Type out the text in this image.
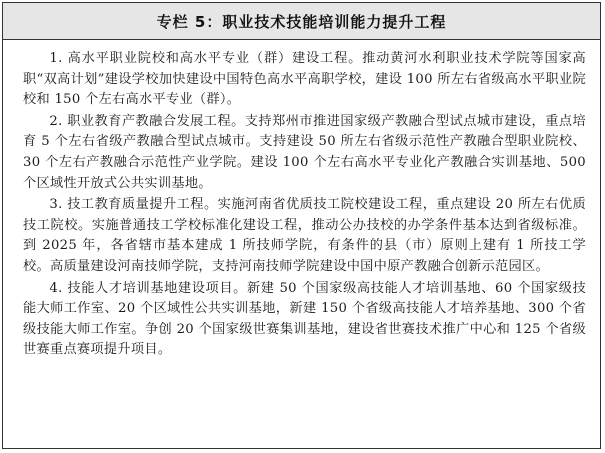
专栏 5：职业技术技能培训能力提升工程

1. 高水平职业院校和高水平专业（群）建设工程。推动黄河水利职业技术学院等国家高职“双高计划”建设学校加快建设中国特色高水平高职学校，建设 100 所左右省级高水平职业院校和 150 个左右高水平专业（群）。

2. 职业教育产教融合发展工程。支持郑州市推进国家级产教融合型试点城市建设，重点培育 5 个左右省级产教融合型试点城市。支持建设 50 所左右省级示范性产教融合型职业院校、30 个左右产教融合示范性产业学院。建设 100 个左右高水平专业化产教融合实训基地、500 个区域性开放式公共实训基地。

3. 技工教育质量提升工程。实施河南省优质技工院校建设工程，重点建设 20 所左右优质技工院校。实施普通技工学校标准化建设工程，推动公办技校的办学条件基本达到省级标准。到 2025 年，各省辖市基本建成 1 所技师学院，有条件的县（市）原则上建有 1 所技工学校。高质量建设河南技师学院，支持河南技师学院建设中国中原产教融合创新示范园区。

4. 技能人才培训基地建设项目。新建 50 个国家级高技能人才培训基地、60 个国家级技能大师工作室、20 个区域性公共实训基地，新建 150 个省级高技能人才培养基地、300 个省级技能大师工作室。争创 20 个国家级世赛集训基地，建设省世赛技术推广中心和 125 个省级世赛重点赛项提升项目。
